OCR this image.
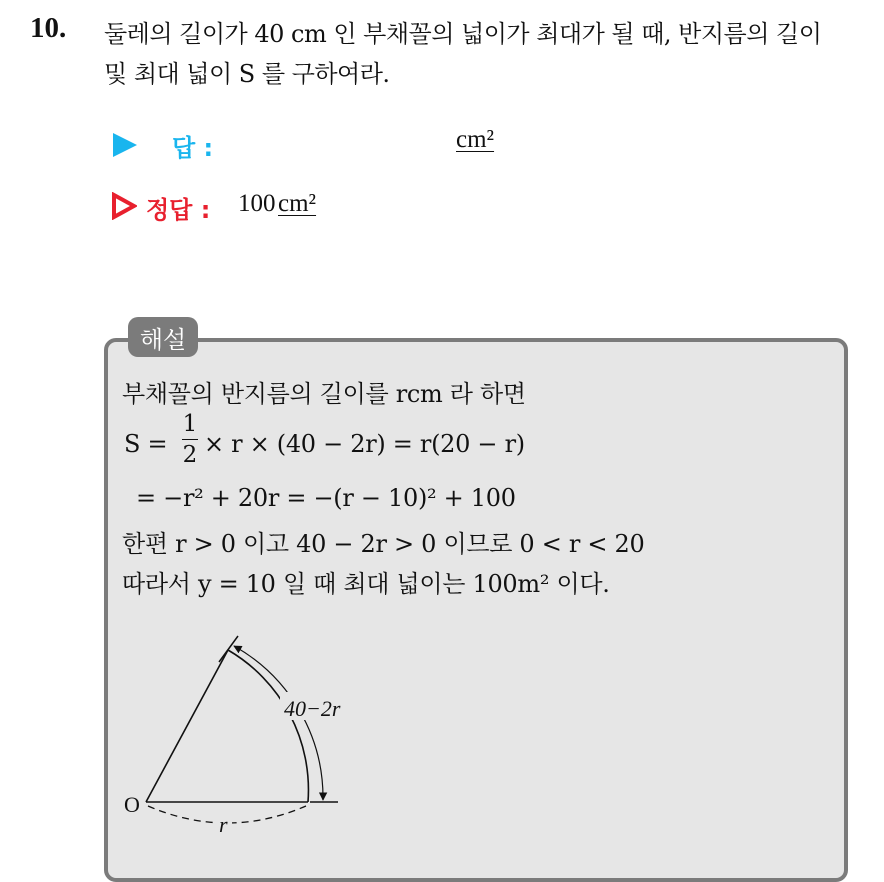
10. 둘레의 길이가 40 cm 인 부채꼴의 넓이가 최대가 될 때, 반지름의 길이
및 최대 넓이 S 를 구하여라.
답 :	cm²
정답 : 100 cm²
해설
부채꼴의 반지름의 길이를 rcm 라 하면
S =
1
2 × r × (40 − 2r) = r(20 − r)
= −r² + 20r = −(r − 10)² + 100
한편 r > 0 이고 40 − 2r > 0 이므로 0 < r < 20
따라서 y = 10 일 때 최대 넓이는 100m² 이다.
40−2r
O
r
